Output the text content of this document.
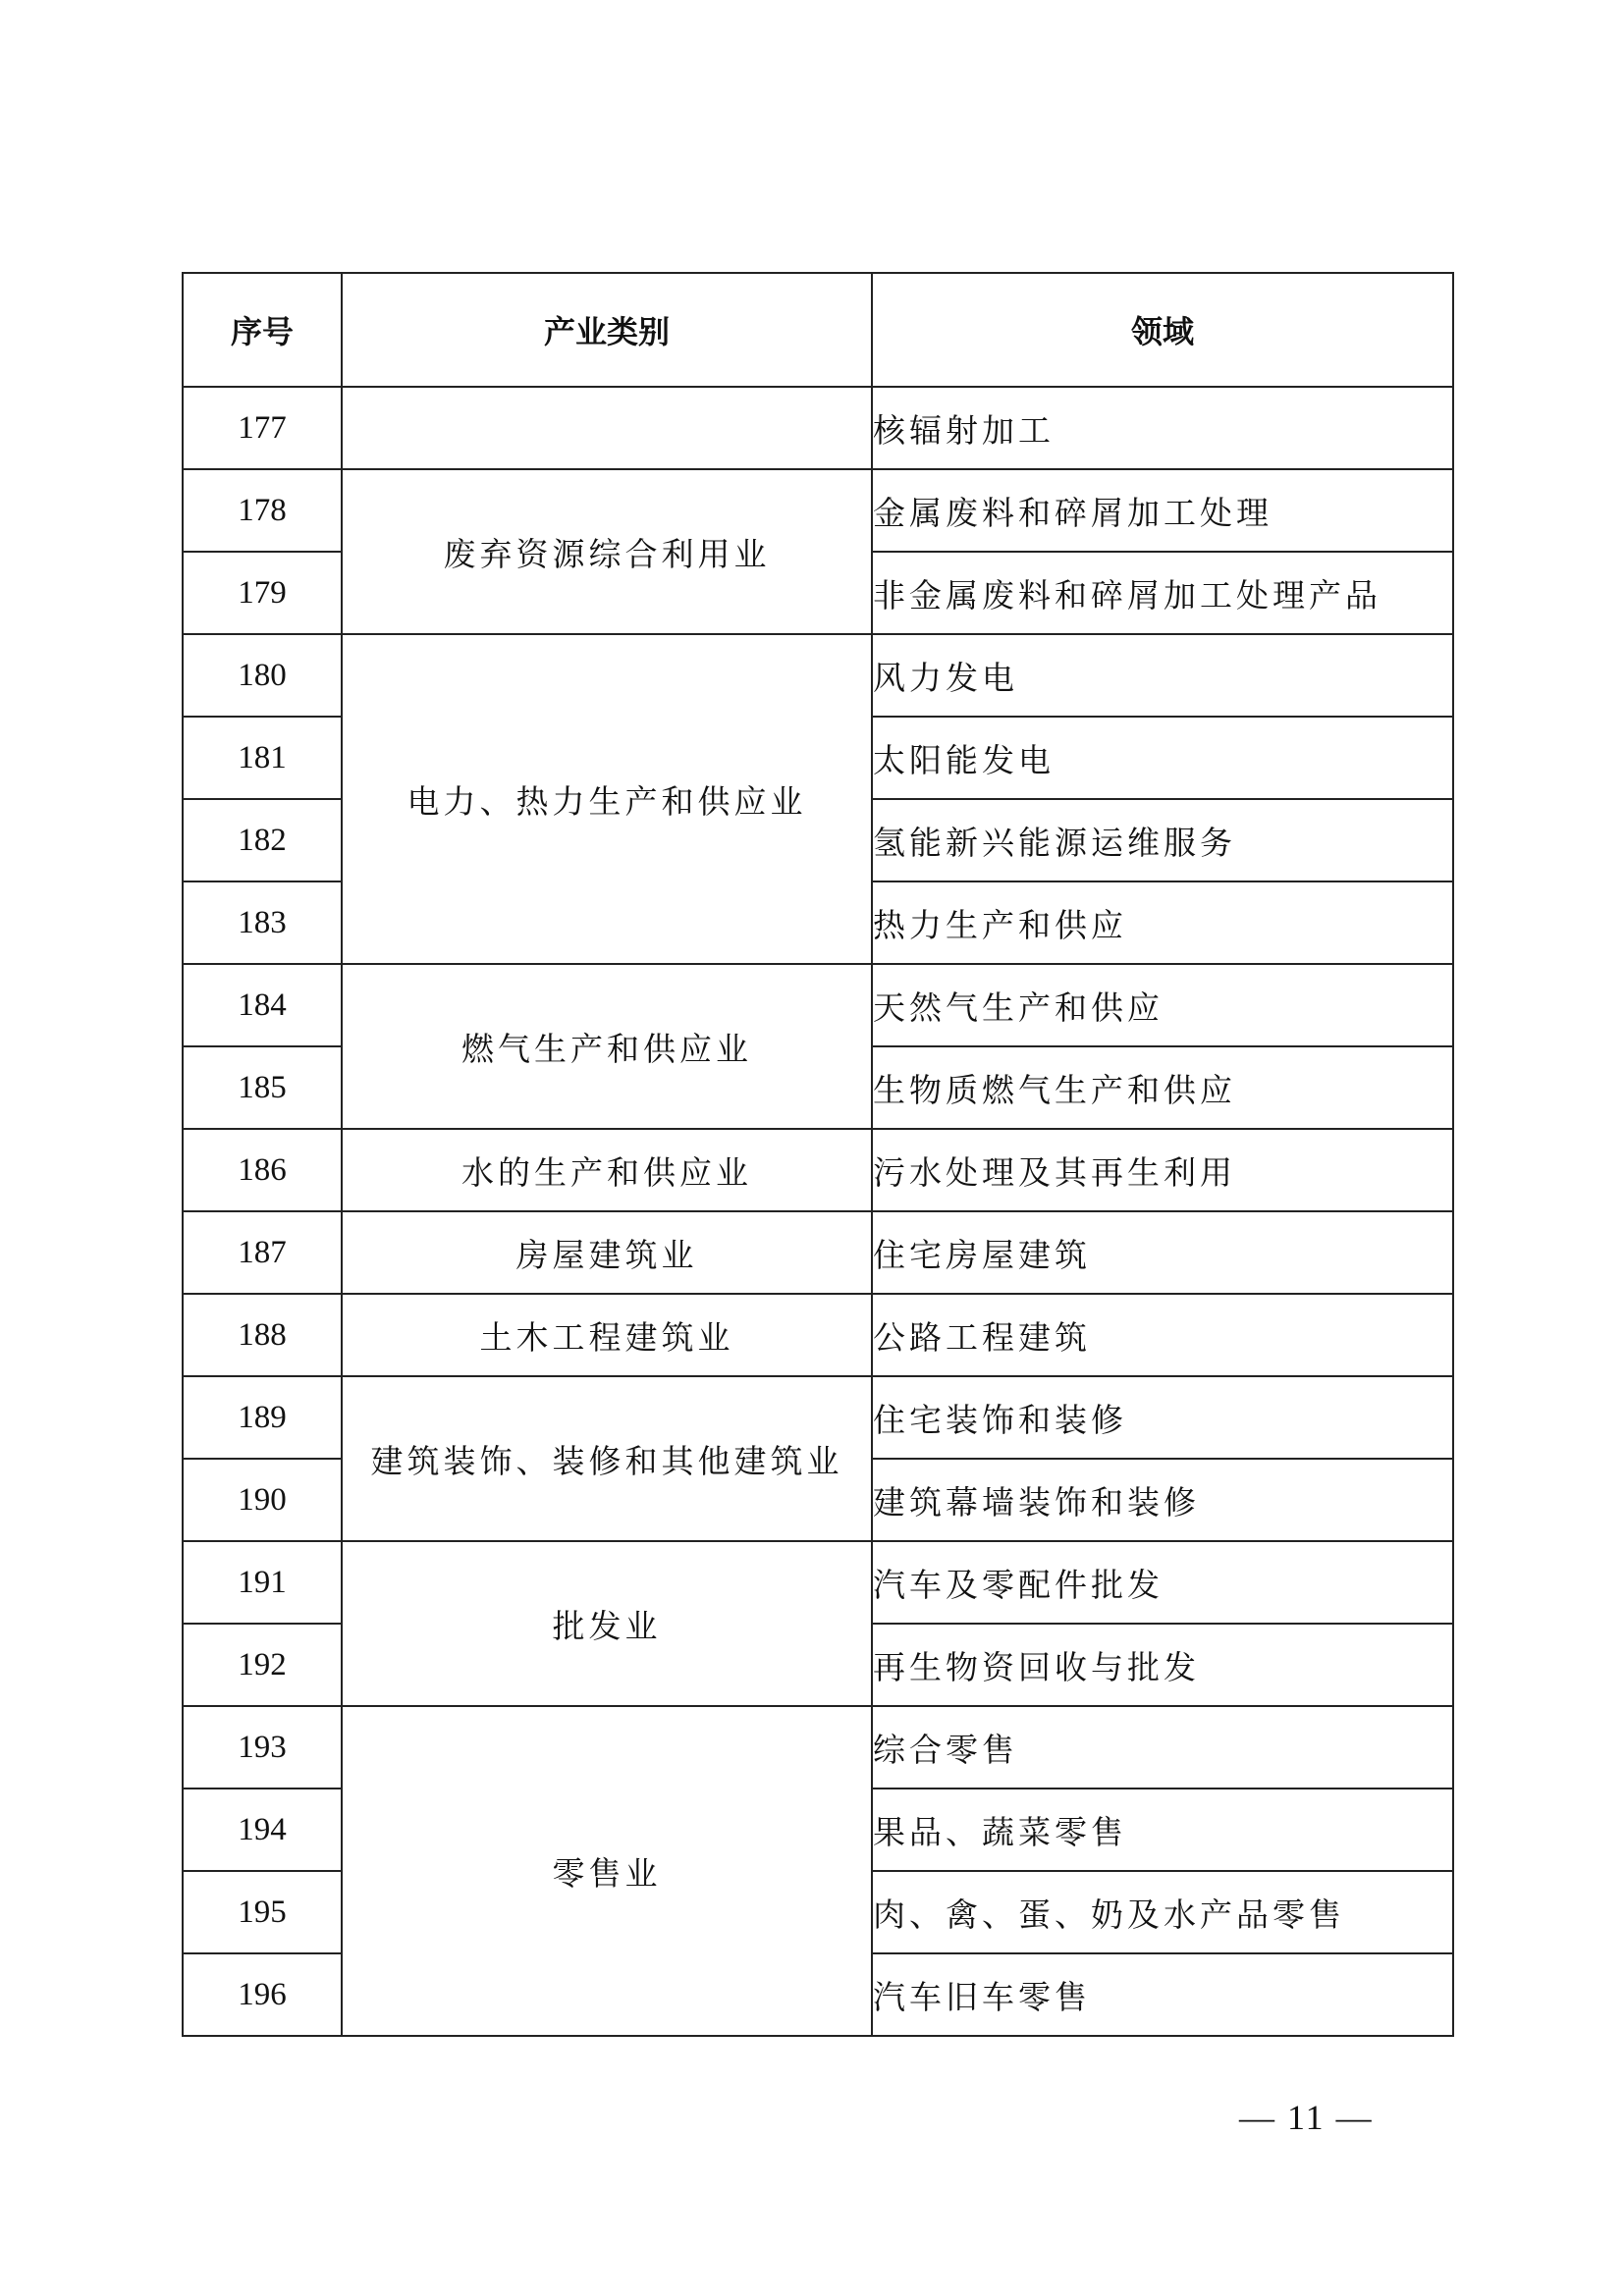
序号	产业类别	领域
177		核辐射加工
178	废弃资源综合利用业	金属废料和碎屑加工处理
179		非金属废料和碎屑加工处理产品
180	电力、热力生产和供应业	风力发电
181		太阳能发电
182		氢能新兴能源运维服务
183		热力生产和供应
184	燃气生产和供应业	天然气生产和供应
185		生物质燃气生产和供应
186	水的生产和供应业	污水处理及其再生利用
187	房屋建筑业	住宅房屋建筑
188	土木工程建筑业	公路工程建筑
189	建筑装饰、装修和其他建筑业	住宅装饰和装修
190		建筑幕墙装饰和装修
191	批发业	汽车及零配件批发
192		再生物资回收与批发
193	零售业	综合零售
194		果品、蔬菜零售
195		肉、禽、蛋、奶及水产品零售
196		汽车旧车零售
— 11 —
